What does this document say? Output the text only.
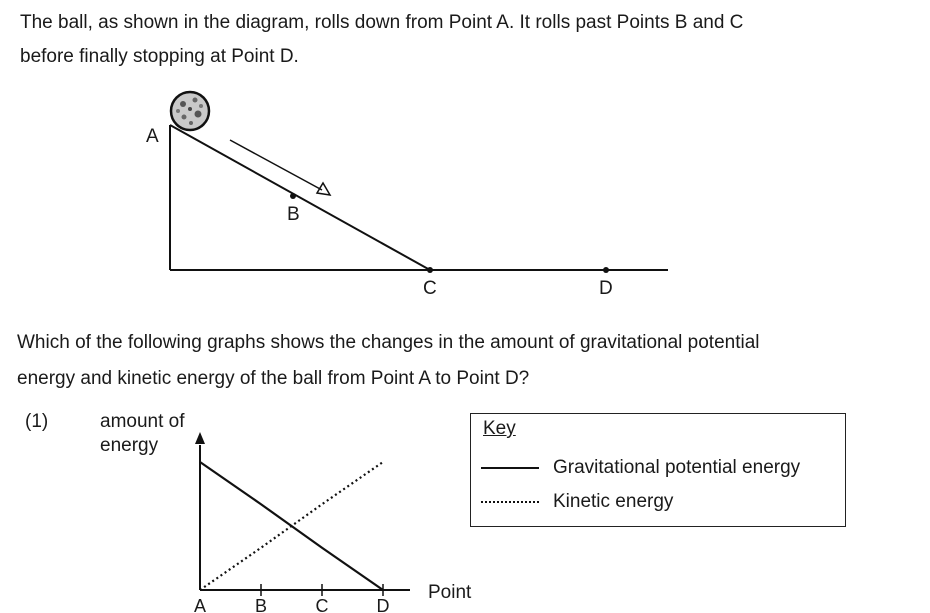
The ball, as shown in the diagram, rolls down from Point A. It rolls past Points B and C
before finally stopping at Point D.
Which of the following graphs shows the changes in the amount of gravitational potential
energy and kinetic energy of the ball from Point A to Point D?
(1)	amount of
energy
Point
A
B
C	D
A	B	C	D
Key
Gravitational potential energy
Kinetic energy
